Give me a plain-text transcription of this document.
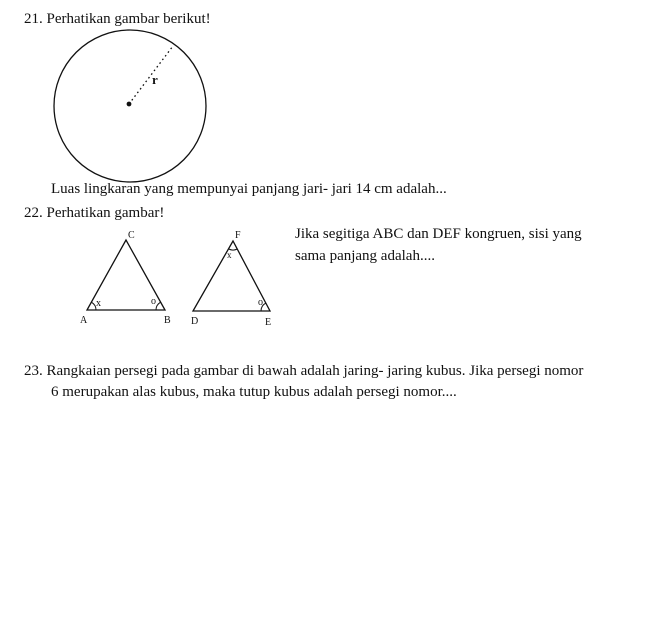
21. Perhatikan gambar berikut!
r
A	B
C
x	o
D	E
F
x
o
Luas lingkaran yang mempunyai panjang jari- jari 14 cm adalah...
22. Perhatikan gambar!
Jika segitiga ABC dan DEF kongruen, sisi yang
sama panjang adalah....
23. Rangkaian persegi pada gambar di bawah adalah jaring- jaring kubus. Jika persegi nomor
6 merupakan alas kubus, maka tutup kubus adalah persegi nomor....
